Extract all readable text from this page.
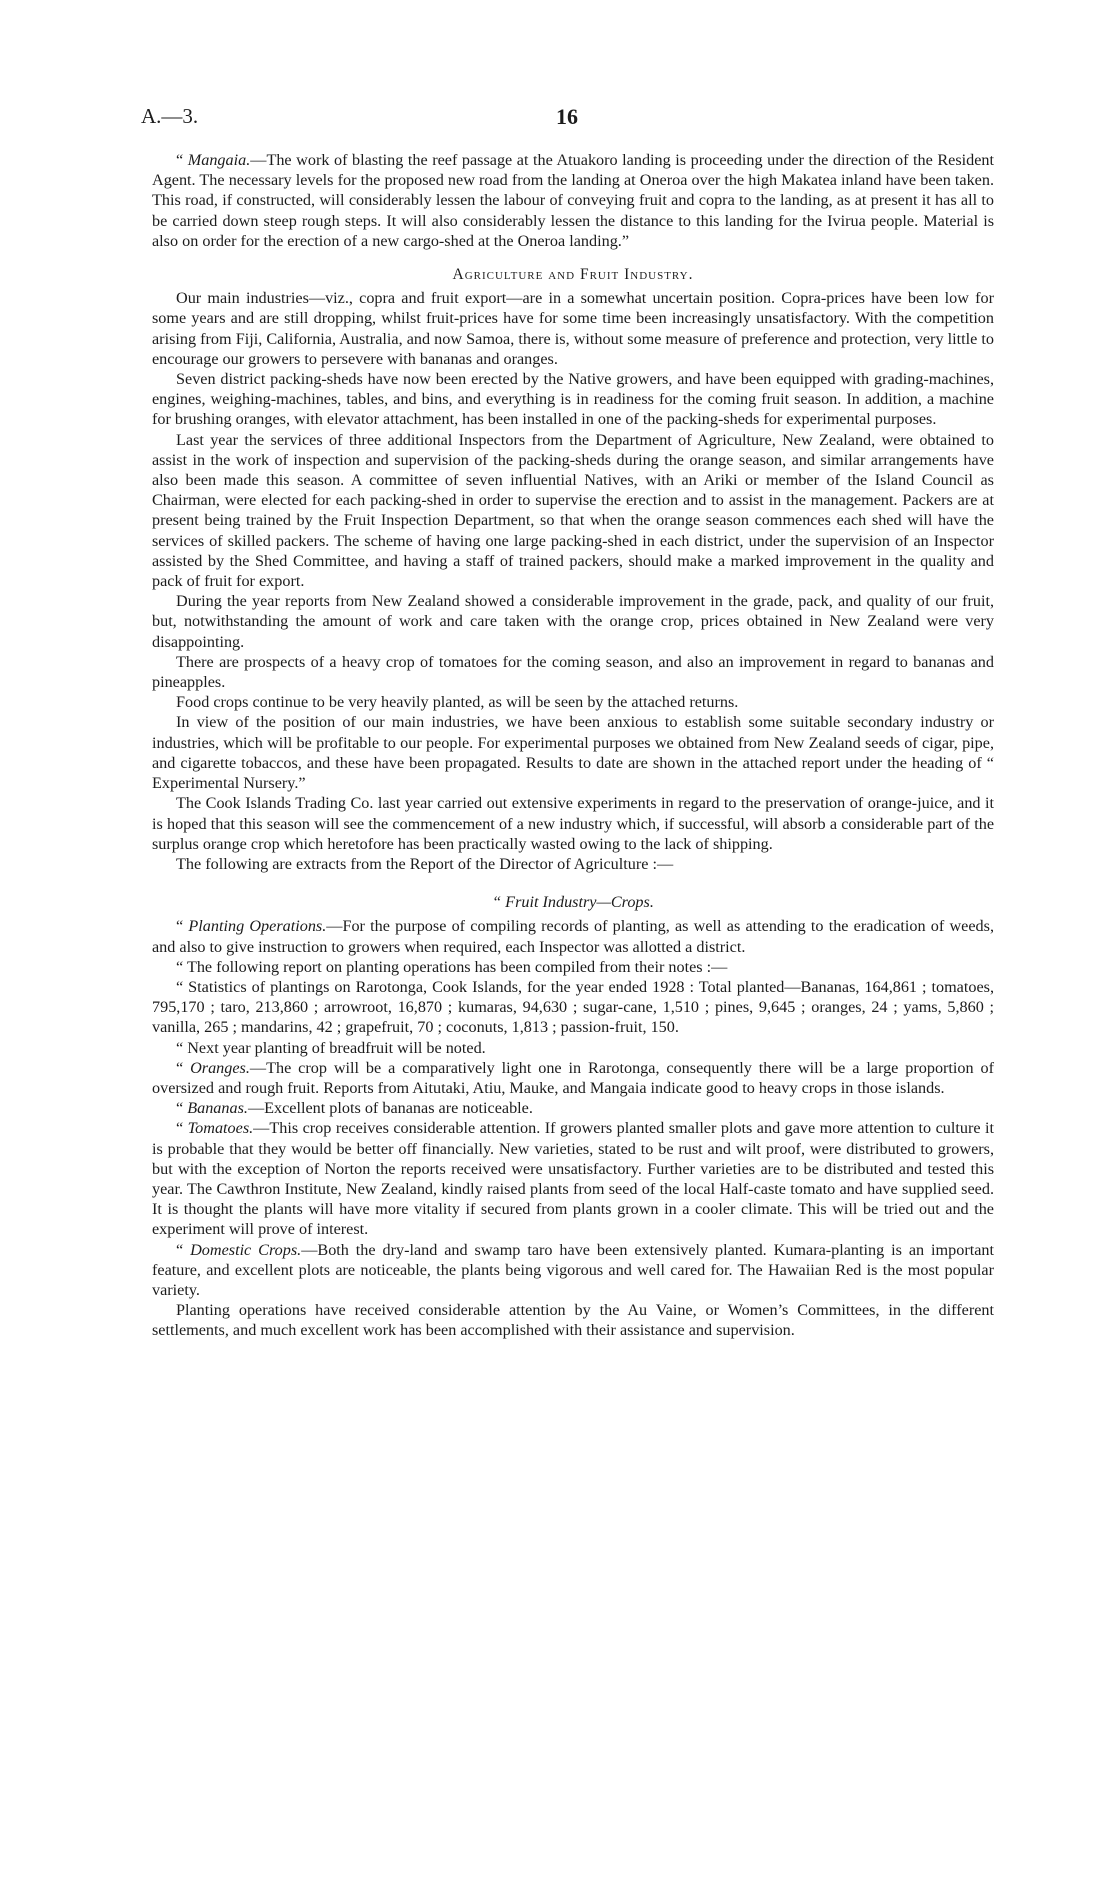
A.—3.	16

“ Mangaia.—The work of blasting the reef passage at the Atuakoro landing is proceeding under the direction of the Resident Agent. The necessary levels for the proposed new road from the landing at Oneroa over the high Makatea inland have been taken. This road, if constructed, will considerably lessen the labour of conveying fruit and copra to the landing, as at present it has all to be carried down steep rough steps. It will also considerably lessen the distance to this landing for the Ivirua people. Material is also on order for the erection of a new cargo-shed at the Oneroa landing.”

Agriculture and Fruit Industry.

Our main industries—viz., copra and fruit export—are in a somewhat uncertain position. Copra-prices have been low for some years and are still dropping, whilst fruit-prices have for some time been increasingly unsatisfactory. With the competition arising from Fiji, California, Australia, and now Samoa, there is, without some measure of preference and protection, very little to encourage our growers to persevere with bananas and oranges.

Seven district packing-sheds have now been erected by the Native growers, and have been equipped with grading-machines, engines, weighing-machines, tables, and bins, and everything is in readiness for the coming fruit season. In addition, a machine for brushing oranges, with elevator attachment, has been installed in one of the packing-sheds for experimental purposes.

Last year the services of three additional Inspectors from the Department of Agriculture, New Zealand, were obtained to assist in the work of inspection and supervision of the packing-sheds during the orange season, and similar arrangements have also been made this season. A committee of seven influential Natives, with an Ariki or member of the Island Council as Chairman, were elected for each packing-shed in order to supervise the erection and to assist in the management. Packers are at present being trained by the Fruit Inspection Department, so that when the orange season commences each shed will have the services of skilled packers. The scheme of having one large packing-shed in each district, under the supervision of an Inspector assisted by the Shed Committee, and having a staff of trained packers, should make a marked improvement in the quality and pack of fruit for export.

During the year reports from New Zealand showed a considerable improvement in the grade, pack, and quality of our fruit, but, notwithstanding the amount of work and care taken with the orange crop, prices obtained in New Zealand were very disappointing.

There are prospects of a heavy crop of tomatoes for the coming season, and also an improvement in regard to bananas and pineapples.

Food crops continue to be very heavily planted, as will be seen by the attached returns.

In view of the position of our main industries, we have been anxious to establish some suitable secondary industry or industries, which will be profitable to our people. For experimental purposes we obtained from New Zealand seeds of cigar, pipe, and cigarette tobaccos, and these have been propagated. Results to date are shown in the attached report under the heading of “ Experimental Nursery.”

The Cook Islands Trading Co. last year carried out extensive experiments in regard to the preservation of orange-juice, and it is hoped that this season will see the commencement of a new industry which, if successful, will absorb a considerable part of the surplus orange crop which heretofore has been practically wasted owing to the lack of shipping.

The following are extracts from the Report of the Director of Agriculture :—

“ Fruit Industry—Crops.

“ Planting Operations.—For the purpose of compiling records of planting, as well as attending to the eradication of weeds, and also to give instruction to growers when required, each Inspector was allotted a district.

“ The following report on planting operations has been compiled from their notes :—

“ Statistics of plantings on Rarotonga, Cook Islands, for the year ended 1928 : Total planted—Bananas, 164,861 ; tomatoes, 795,170 ; taro, 213,860 ; arrowroot, 16,870 ; kumaras, 94,630 ; sugar-cane, 1,510 ; pines, 9,645 ; oranges, 24 ; yams, 5,860 ; vanilla, 265 ; mandarins, 42 ; grapefruit, 70 ; coconuts, 1,813 ; passion-fruit, 150.

“ Next year planting of breadfruit will be noted.

“ Oranges.—The crop will be a comparatively light one in Rarotonga, consequently there will be a large proportion of oversized and rough fruit. Reports from Aitutaki, Atiu, Mauke, and Mangaia indicate good to heavy crops in those islands.

“ Bananas.—Excellent plots of bananas are noticeable.

“ Tomatoes.—This crop receives considerable attention. If growers planted smaller plots and gave more attention to culture it is probable that they would be better off financially. New varieties, stated to be rust and wilt proof, were distributed to growers, but with the exception of Norton the reports received were unsatisfactory. Further varieties are to be distributed and tested this year. The Cawthron Institute, New Zealand, kindly raised plants from seed of the local Half-caste tomato and have supplied seed. It is thought the plants will have more vitality if secured from plants grown in a cooler climate. This will be tried out and the experiment will prove of interest.

“ Domestic Crops.—Both the dry-land and swamp taro have been extensively planted. Kumara-planting is an important feature, and excellent plots are noticeable, the plants being vigorous and well cared for. The Hawaiian Red is the most popular variety.

Planting operations have received considerable attention by the Au Vaine, or Women’s Committees, in the different settlements, and much excellent work has been accomplished with their assistance and supervision.
